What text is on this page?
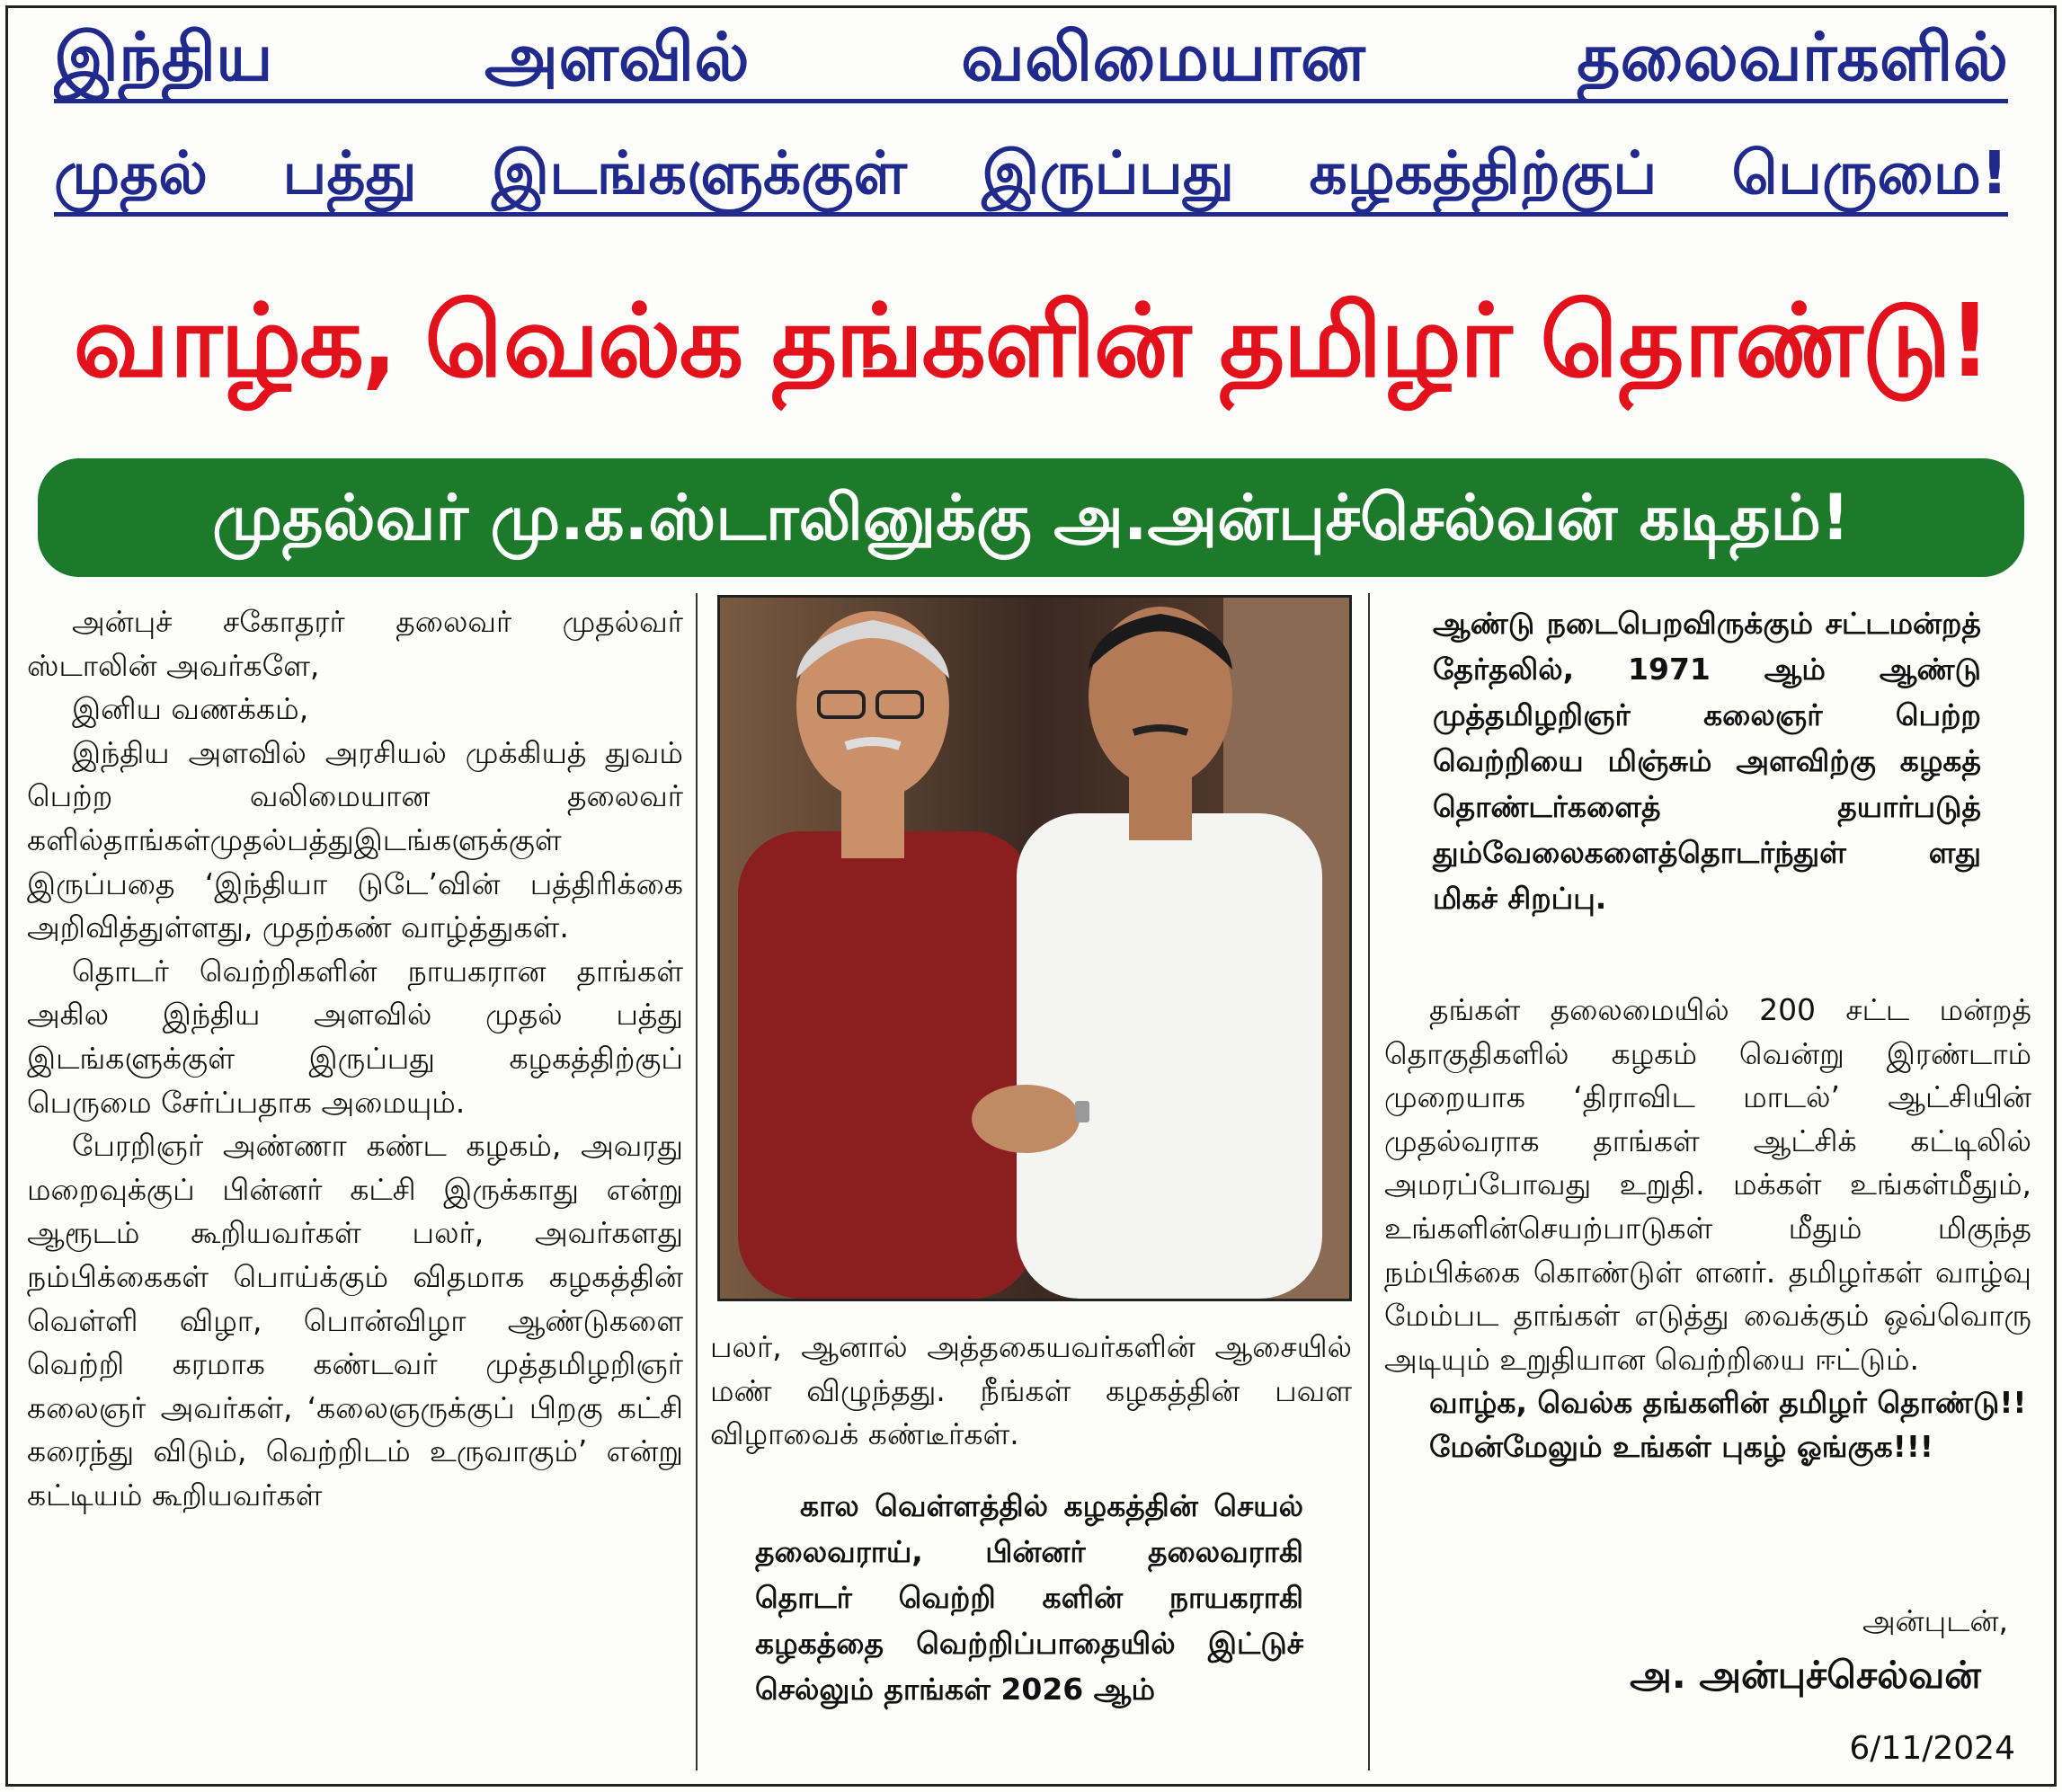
இந்திய அளவில் வலிமையான தலைவர்களில்
முதல் பத்து இடங்களுக்குள் இருப்பது கழகத்திற்குப் பெருமை!
வாழ்க, வெல்க தங்களின் தமிழர் தொண்டு!
முதல்வர் மு.க.ஸ்டாலினுக்கு அ.அன்புச்செல்வன் கடிதம்!

அன்புச் சகோதரர் தலைவர் முதல்வர் ஸ்டாலின் அவர்களே,

இனிய வணக்கம்,

இந்திய அளவில் அரசியல் முக்கியத் துவம் பெற்ற வலிமையான தலைவர் களில்தாங்கள்முதல்பத்துஇடங்களுக்குள் இருப்பதை ‘இந்தியா டுடே’வின் பத்திரிக்கை அறிவித்துள்ளது, முதற்கண் வாழ்த்துகள்.

தொடர் வெற்றிகளின் நாயகரான தாங்கள் அகில இந்திய அளவில் முதல் பத்து இடங்களுக்குள் இருப்பது கழகத்திற்குப் பெருமை சேர்ப்பதாக அமையும்.

பேரறிஞர் அண்ணா கண்ட கழகம், அவரது மறைவுக்குப் பின்னர் கட்சி இருக்காது என்று ஆரூடம் கூறியவர்கள் பலர், அவர்களது நம்பிக்கைகள் பொய்க்கும் விதமாக கழகத்தின் வெள்ளி விழா, பொன்விழா ஆண்டுகளை வெற்றி கரமாக கண்டவர் முத்தமிழறிஞர் கலைஞர் அவர்கள், ‘கலைஞருக்குப் பிறகு கட்சி கரைந்து விடும், வெற்றிடம் உருவாகும்’ என்று கட்டியம் கூறியவர்கள்

பலர், ஆனால் அத்தகையவர்களின் ஆசையில் மண் விழுந்தது. நீங்கள் கழகத்தின் பவள விழாவைக் கண்டீர்கள்.

கால வெள்ளத்தில் கழகத்தின் செயல் தலைவராய், பின்னர் தலைவராகி தொடர் வெற்றி களின் நாயகராகி கழகத்தை வெற்றிப்பாதையில் இட்டுச் செல்லும் தாங்கள் 2026 ஆம்

ஆண்டு நடைபெறவிருக்கும் சட்டமன்றத் தேர்தலில், 1971 ஆம் ஆண்டு முத்தமிழறிஞர் கலைஞர் பெற்ற வெற்றியை மிஞ்சும் அளவிற்கு கழகத் தொண்டர்களைத் தயார்படுத் தும்வேலைகளைத்தொடர்ந்துள் ளது மிகச் சிறப்பு.

தங்கள் தலைமையில் 200 சட்ட மன்றத் தொகுதிகளில் கழகம் வென்று இரண்டாம் முறையாக ‘திராவிட மாடல்’ ஆட்சியின் முதல்வராக தாங்கள் ஆட்சிக் கட்டிலில் அமரப்போவது உறுதி. மக்கள் உங்கள்மீதும், உங்களின்செயற்பாடுகள் மீதும் மிகுந்த நம்பிக்கை கொண்டுள் ளனர். தமிழர்கள் வாழ்வு மேம்பட தாங்கள் எடுத்து வைக்கும் ஒவ்வொரு அடியும் உறுதியான வெற்றியை ஈட்டும்.

வாழ்க, வெல்க தங்களின் தமிழர் தொண்டு!!

மேன்மேலும் உங்கள் புகழ் ஓங்குக!!!

அன்புடன்,
அ. அன்புச்செல்வன்
6/11/2024
